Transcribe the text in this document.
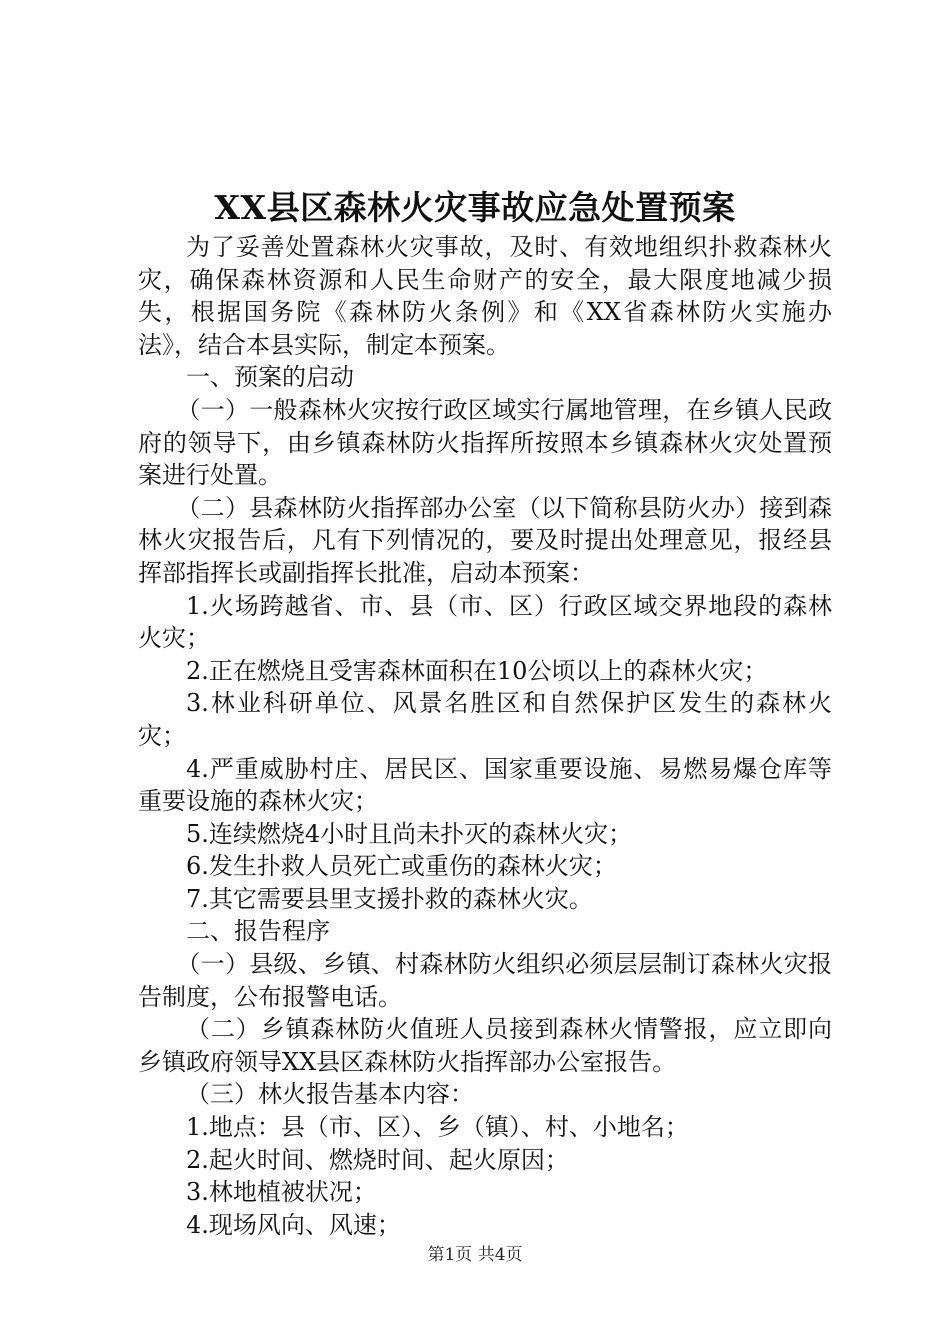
XX县区森林火灾事故应急处置预案

为了妥善处置森林火灾事故，及时、有效地组织扑救森林火灾，确保森林资源和人民生命财产的安全，最大限度地减少损失，根据国务院《森林防火条例》和《XX省森林防火实施办法》，结合本县实际，制定本预案。

一、预案的启动

（一）一般森林火灾按行政区域实行属地管理，在乡镇人民政府的领导下，由乡镇森林防火指挥所按照本乡镇森林火灾处置预案进行处置。

（二）县森林防火指挥部办公室（以下简称县防火办）接到森林火灾报告后，凡有下列情况的，要及时提出处理意见，报经县挥部指挥长或副指挥长批准，启动本预案：

1.火场跨越省、市、县（市、区）行政区域交界地段的森林火灾；

2.正在燃烧且受害森林面积在10公顷以上的森林火灾；

3.林业科研单位、风景名胜区和自然保护区发生的森林火灾；

4.严重威胁村庄、居民区、国家重要设施、易燃易爆仓库等重要设施的森林火灾；

5.连续燃烧4小时且尚未扑灭的森林火灾；

6.发生扑救人员死亡或重伤的森林火灾；

7.其它需要县里支援扑救的森林火灾。

二、报告程序

（一）县级、乡镇、村森林防火组织必须层层制订森林火灾报告制度，公布报警电话。

（二）乡镇森林防火值班人员接到森林火情警报，应立即向乡镇政府领导XX县区森林防火指挥部办公室报告。

（三）林火报告基本内容：

1.地点：县（市、区）、乡（镇）、村、小地名；

2.起火时间、燃烧时间、起火原因；

3.林地植被状况；

4.现场风向、风速；

第1页 共4页
